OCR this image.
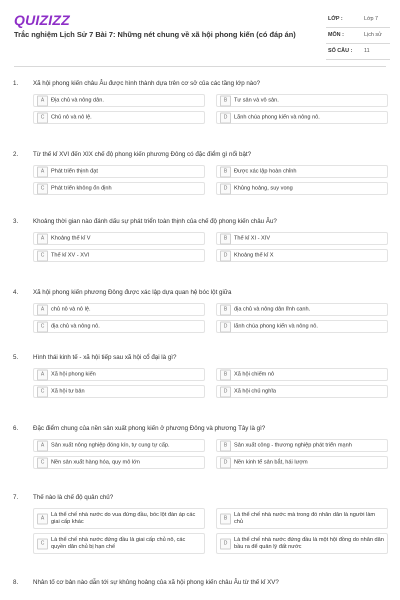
QUIZIZZ
Trắc nghiệm Lịch Sử 7 Bài 7: Những nét chung về xã hội phong kiến (có đáp án)
LỚP :	Lớp 7
MÔN :	Lịch sử
SỐ CÂU : 11
1. Xã hội phong kiến châu Âu được hình thành dựa trên cơ sở của các tầng lớp nào?
A	Địa chủ và nông dân.	B	Tư sản và vô sản.
C	Chủ nô và nô lệ.	D	Lãnh chúa phong kiến và nông nô.
2. Từ thế kỉ XVI đến XIX chế độ phong kiến phương Đông có đặc điểm gì nổi bật?
A	Phát triển thịnh đạt	B	Được xác lập hoàn chỉnh
C	Phát triển không ổn định	D	Khủng hoảng, suy vong
3. Khoảng thời gian nào đánh dấu sự phát triển toàn thịnh của chế độ phong kiến châu Âu?
A	Khoảng thế kỉ V	B	Thế kỉ XI - XIV
C	Thế kỉ XV - XVI	D	Khoảng thế kỉ X
4. Xã hội phong kiến phương Đông được xác lập dựa quan hệ bóc lột giữa
A	chủ nô và nô lệ.	B	địa chủ và nông dân lĩnh canh.
C	địa chủ và nông nô.	D	lãnh chúa phong kiến và nông nô.
5. Hình thái kinh tế - xã hội tiếp sau xã hội cổ đại là gì?
A	Xã hội phong kiến	B	Xã hội chiếm nô
C	Xã hội tư bản	D	Xã hội chủ nghĩa
6. Đặc điểm chung của nền sản xuất phong kiến ở phương Đông và phương Tây là gì?
A	Sản xuất nông nghiệp đóng kín, tự cung tự cấp.	B	Sản xuất công - thương nghiệp phát triển mạnh
C	Nền sản xuất hàng hóa, quy mô lớn	D	Nền kinh tế sản bắt, hái lượm
7. Thế nào là chế độ quân chủ?
A
Là thể chế nhà nước do vua đứng đầu, bóc lột đàn áp các giai cấp khác
B
Là thể chế nhà nước mà trong đó nhân dân là người làm chủ
C
Là thể chế nhà nước đứng đầu là giai cấp chủ nô, các quyền dân chủ bị hạn chế
D
Là thể chế nhà nước đứng đầu là một hội đồng do nhân dân bầu ra để quản lý đất nước
8. Nhân tố cơ bản nào dẫn tới sự khủng hoảng của xã hội phong kiến châu Âu từ thế kỉ XV?
